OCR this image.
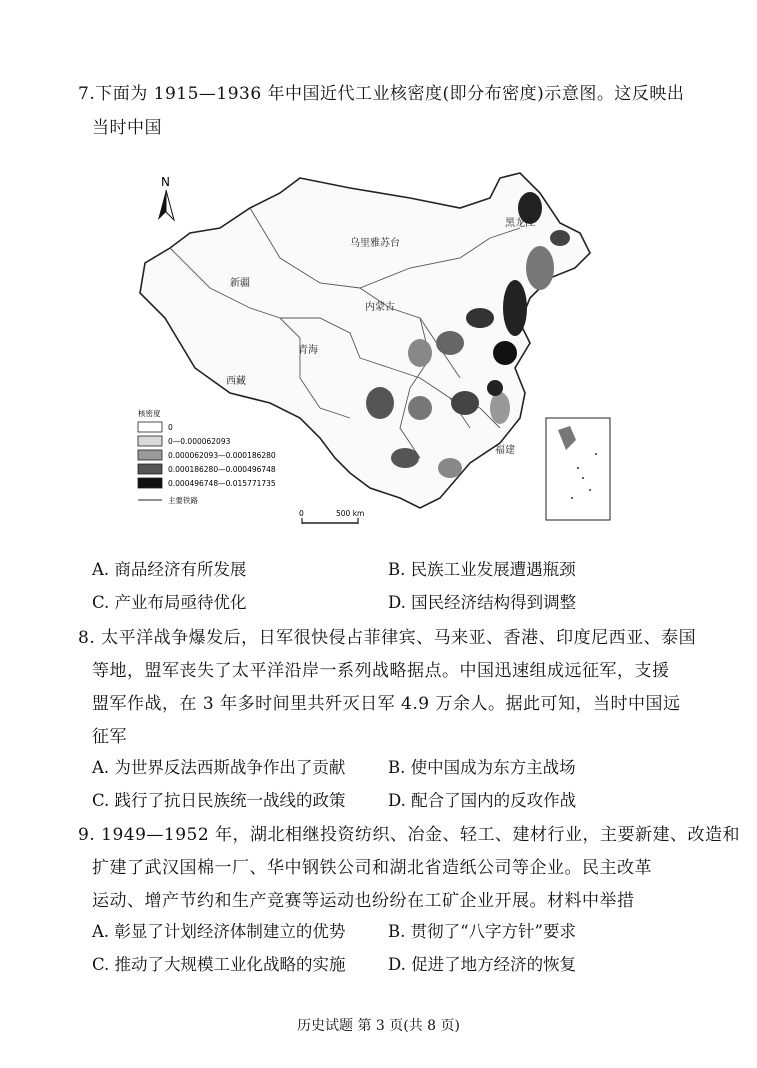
7.下面为 1915—1936 年中国近代工业核密度(即分布密度)示意图。这反映出
当时中国
N
黑龙江
乌里雅苏台
新疆
内蒙古
青海
西藏
福建
核密度
0
0—0.000062093
0.000062093—0.000186280
0.000186280—0.000496748
0.000496748—0.015771735
主要铁路
0	500 km
A. 商品经济有所发展	B. 民族工业发展遭遇瓶颈
C. 产业布局亟待优化	D. 国民经济结构得到调整
8. 太平洋战争爆发后，日军很快侵占菲律宾、马来亚、香港、印度尼西亚、泰国
等地，盟军丧失了太平洋沿岸一系列战略据点。中国迅速组成远征军，支援
盟军作战，在 3 年多时间里共歼灭日军 4.9 万余人。据此可知，当时中国远
征军
A. 为世界反法西斯战争作出了贡献	B. 使中国成为东方主战场
C. 践行了抗日民族统一战线的政策	D. 配合了国内的反攻作战
9. 1949—1952 年，湖北相继投资纺织、冶金、轻工、建材行业，主要新建、改造和
扩建了武汉国棉一厂、华中钢铁公司和湖北省造纸公司等企业。民主改革
运动、增产节约和生产竞赛等运动也纷纷在工矿企业开展。材料中举措
A. 彰显了计划经济体制建立的优势	B. 贯彻了“八字方针”要求
C. 推动了大规模工业化战略的实施	D. 促进了地方经济的恢复
历史试题 第 3 页(共 8 页)
